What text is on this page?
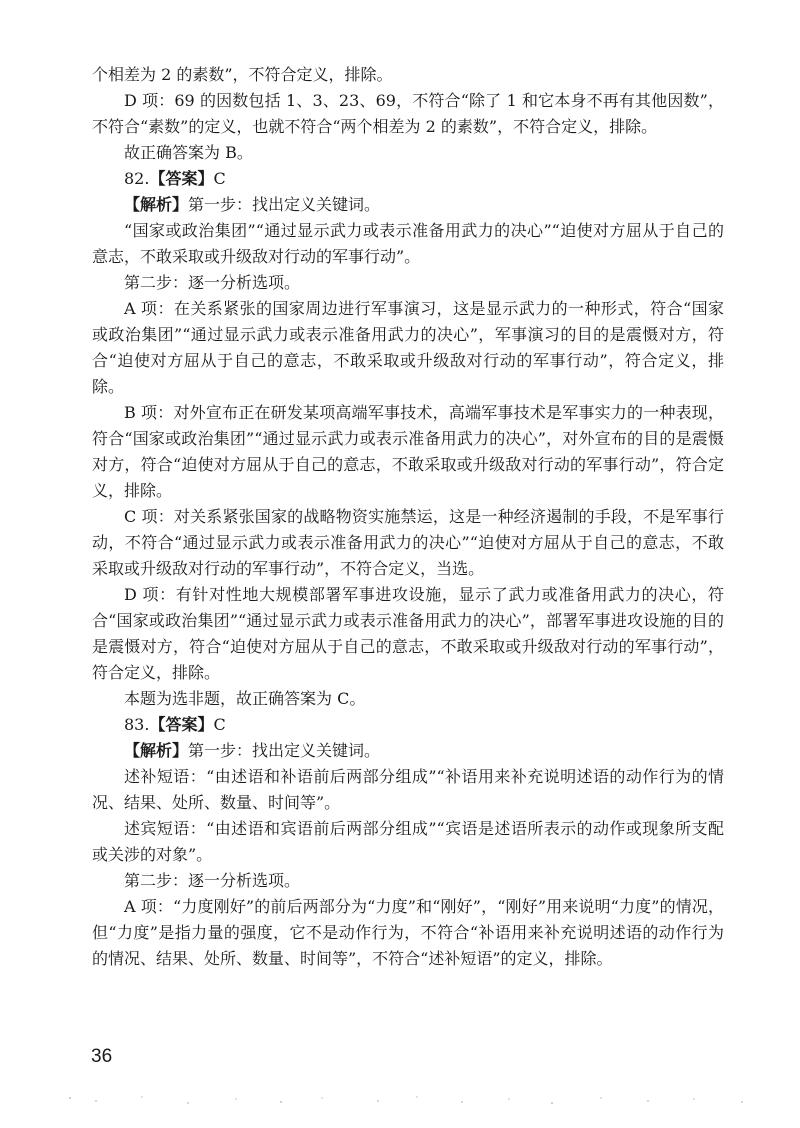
个相差为 2 的素数”，不符合定义，排除。

D 项：69 的因数包括 1、3、23、69，不符合“除了 1 和它本身不再有其他因数”，不符合“素数”的定义，也就不符合“两个相差为 2 的素数”，不符合定义，排除。

故正确答案为 B。

82.【答案】C

【解析】第一步：找出定义关键词。

“国家或政治集团”“通过显示武力或表示准备用武力的决心”“迫使对方屈从于自己的意志，不敢采取或升级敌对行动的军事行动”。

第二步：逐一分析选项。

A 项：在关系紧张的国家周边进行军事演习，这是显示武力的一种形式，符合“国家或政治集团”“通过显示武力或表示准备用武力的决心”，军事演习的目的是震慑对方，符合“迫使对方屈从于自己的意志，不敢采取或升级敌对行动的军事行动”，符合定义，排除。

B 项：对外宣布正在研发某项高端军事技术，高端军事技术是军事实力的一种表现，符合“国家或政治集团”“通过显示武力或表示准备用武力的决心”，对外宣布的目的是震慑对方，符合“迫使对方屈从于自己的意志，不敢采取或升级敌对行动的军事行动”，符合定义，排除。

C 项：对关系紧张国家的战略物资实施禁运，这是一种经济遏制的手段，不是军事行动，不符合“通过显示武力或表示准备用武力的决心”“迫使对方屈从于自己的意志，不敢采取或升级敌对行动的军事行动”，不符合定义，当选。

D 项：有针对性地大规模部署军事进攻设施，显示了武力或准备用武力的决心，符合“国家或政治集团”“通过显示武力或表示准备用武力的决心”，部署军事进攻设施的目的是震慑对方，符合“迫使对方屈从于自己的意志，不敢采取或升级敌对行动的军事行动”，符合定义，排除。

本题为选非题，故正确答案为 C。

83.【答案】C

【解析】第一步：找出定义关键词。

述补短语：“由述语和补语前后两部分组成”“补语用来补充说明述语的动作行为的情况、结果、处所、数量、时间等”。

述宾短语：“由述语和宾语前后两部分组成”“宾语是述语所表示的动作或现象所支配或关涉的对象”。

第二步：逐一分析选项。

A 项：“力度刚好”的前后两部分为“力度”和“刚好”，“刚好”用来说明“力度”的情况，但“力度”是指力量的强度，它不是动作行为，不符合“补语用来补充说明述语的动作行为的情况、结果、处所、数量、时间等”，不符合“述补短语”的定义，排除。

36
